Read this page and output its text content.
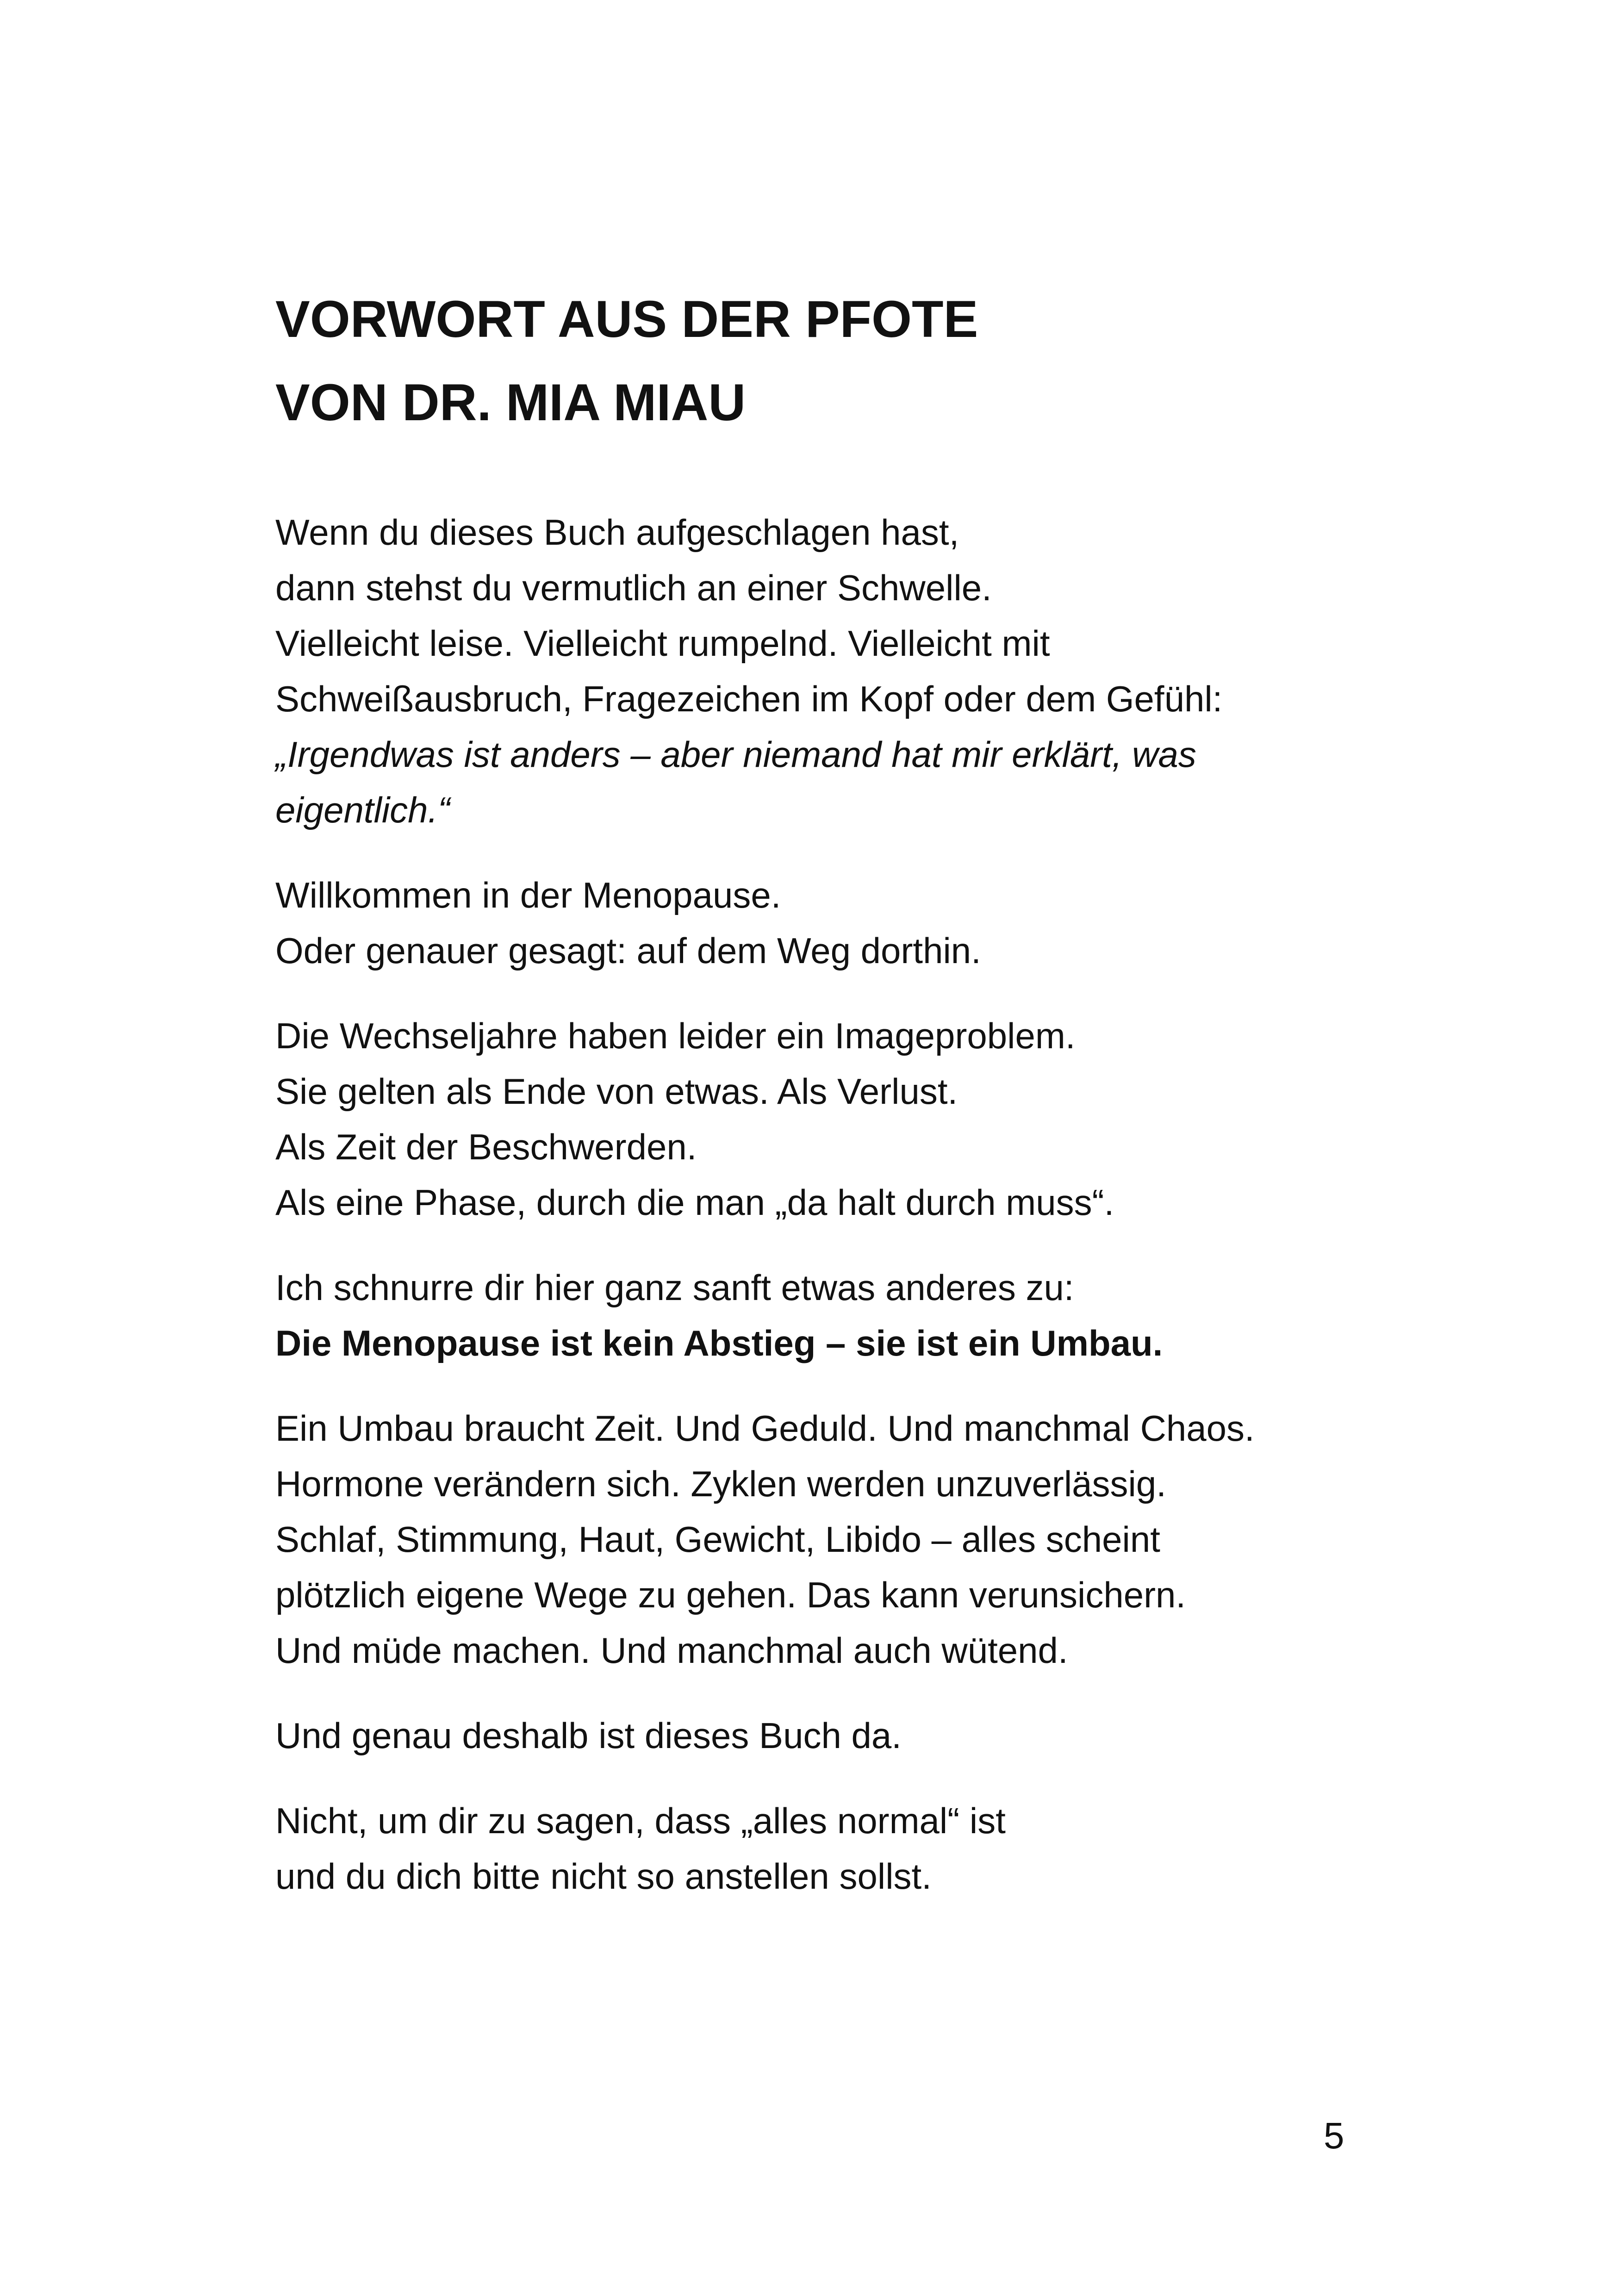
VORWORT AUS DER PFOTE
VON DR. MIA MIAU

Wenn du dieses Buch aufgeschlagen hast,
dann stehst du vermutlich an einer Schwelle.
Vielleicht leise. Vielleicht rumpelnd. Vielleicht mit
Schweißausbruch, Fragezeichen im Kopf oder dem Gefühl:
„Irgendwas ist anders – aber niemand hat mir erklärt, was
eigentlich.“

Willkommen in der Menopause.
Oder genauer gesagt: auf dem Weg dorthin.

Die Wechseljahre haben leider ein Imageproblem.
Sie gelten als Ende von etwas. Als Verlust.
Als Zeit der Beschwerden.
Als eine Phase, durch die man „da halt durch muss“.

Ich schnurre dir hier ganz sanft etwas anderes zu:
Die Menopause ist kein Abstieg – sie ist ein Umbau.

Ein Umbau braucht Zeit. Und Geduld. Und manchmal Chaos.
Hormone verändern sich. Zyklen werden unzuverlässig.
Schlaf, Stimmung, Haut, Gewicht, Libido – alles scheint
plötzlich eigene Wege zu gehen. Das kann verunsichern.
Und müde machen. Und manchmal auch wütend.

Und genau deshalb ist dieses Buch da.

Nicht, um dir zu sagen, dass „alles normal“ ist
und du dich bitte nicht so anstellen sollst.

5
